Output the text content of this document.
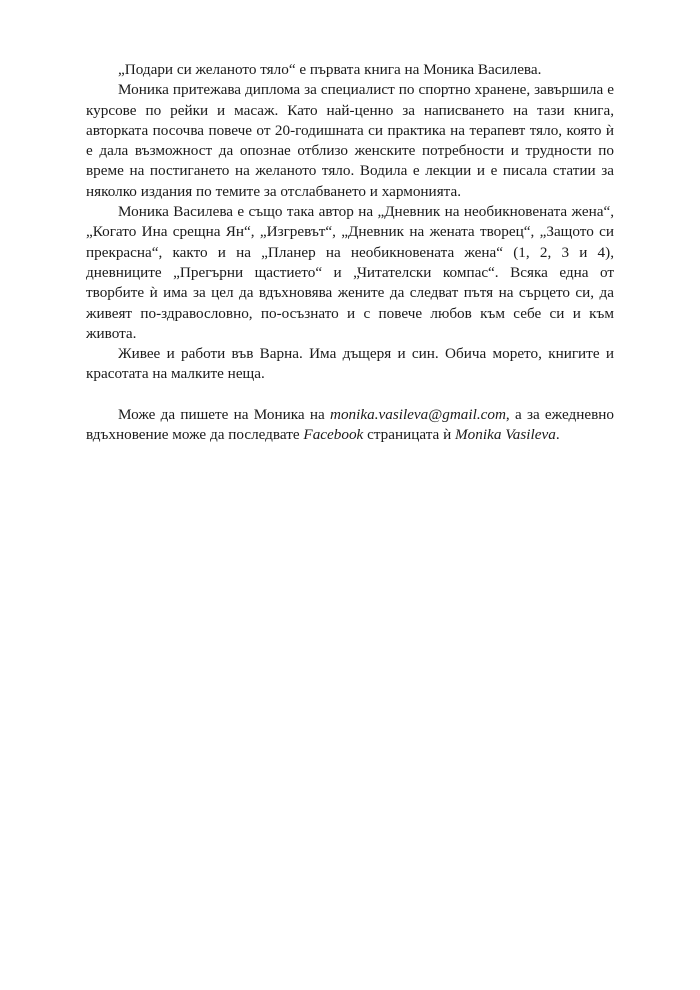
„Подари си желаното тяло“ е първата книга на Моника Василева.

Моника притежава диплома за специалист по спортно хранене, завършила е курсове по рейки и масаж. Като най-ценно за написването на тази книга, авторката посочва повече от 20-годишната си практика на терапевт тяло, която ѝ е дала възможност да опознае отблизо женските потребности и трудности по време на постигането на желаното тяло. Водила е лекции и е писала статии за няколко издания по темите за отслабването и хармонията.

Моника Василева е също така автор на „Дневник на необикновената жена“, „Когато Ина срещна Ян“, „Изгревът“, „Дневник на жената творец“, „Защото си прекрасна“, както и на „Планер на необикновената жена“ (1, 2, 3 и 4), дневниците „Прегърни щастието“ и „Читателски компас“. Всяка една от творбите ѝ има за цел да вдъхновява жените да следват пътя на сърцето си, да живеят по-здравословно, по-осъзнато и с повече любов към себе си и към живота.

Живее и работи във Варна. Има дъщеря и син. Обича морето, книгите и красотата на малките неща.

Може да пишете на Моника на monika.vasileva@gmail.com, а за ежедневно вдъхновение може да последвате Facebook страницата ѝ Monika Vasileva.
